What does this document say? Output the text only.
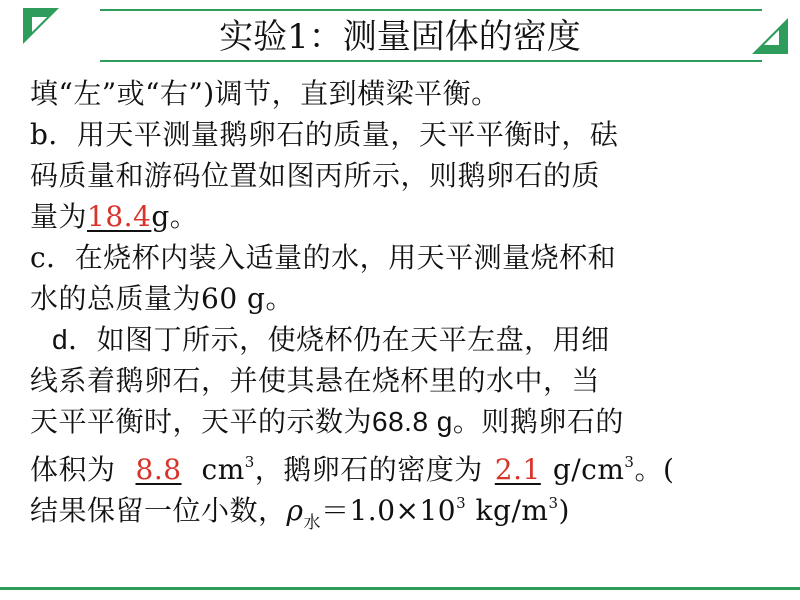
实验1：测量固体的密度
填“左”或“右”)调节，直到横梁平衡。
b．用天平测量鹅卵石的质量，天平平衡时，砝
码质量和游码位置如图丙所示，则鹅卵石的质
量为18.4g。
c．在烧杯内装入适量的水，用天平测量烧杯和
水的总质量为60 g。
d．如图丁所示，使烧杯仍在天平左盘，用细
线系着鹅卵石，并使其悬在烧杯里的水中，当
天平平衡时，天平的示数为68.8 g。则鹅卵石的
体积为 8.8 $cm^3$，鹅卵石的密度为 2.1 $g/cm^3$。(
结果保留一位小数，$\rho_水=1.0\times 10^3$ $kg/m^3$)
